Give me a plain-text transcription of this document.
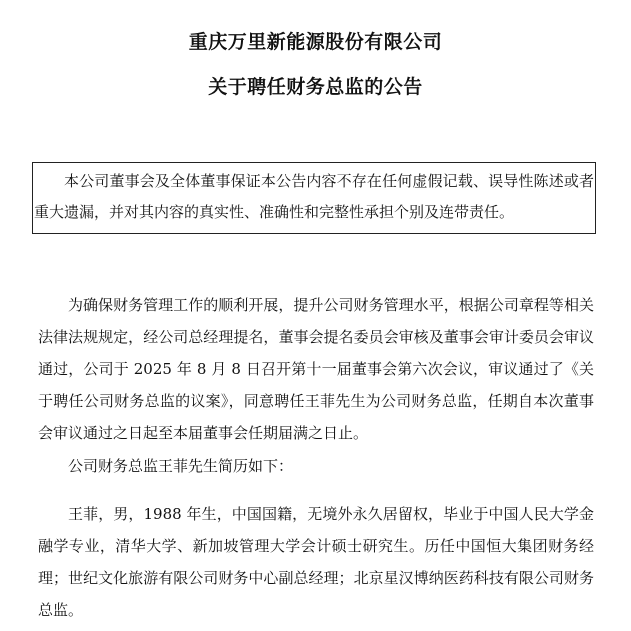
重庆万里新能源股份有限公司
关于聘任财务总监的公告
本公司董事会及全体董事保证本公告内容不存在任何虚假记载、误导性陈述或者重大遗漏，并对其内容的真实性、准确性和完整性承担个别及连带责任。
为确保财务管理工作的顺利开展，提升公司财务管理水平，根据公司章程等相关法律法规规定，经公司总经理提名，董事会提名委员会审核及董事会审计委员会审议通过，公司于 2025 年 8 月 8 日召开第十一届董事会第六次会议，审议通过了《关于聘任公司财务总监的议案》，同意聘任王菲先生为公司财务总监，任期自本次董事会审议通过之日起至本届董事会任期届满之日止。
公司财务总监王菲先生简历如下：
王菲，男，1988 年生，中国国籍，无境外永久居留权，毕业于中国人民大学金融学专业，清华大学、新加坡管理大学会计硕士研究生。历任中国恒大集团财务经理；世纪文化旅游有限公司财务中心副总经理；北京星汉博纳医药科技有限公司财务总监。
